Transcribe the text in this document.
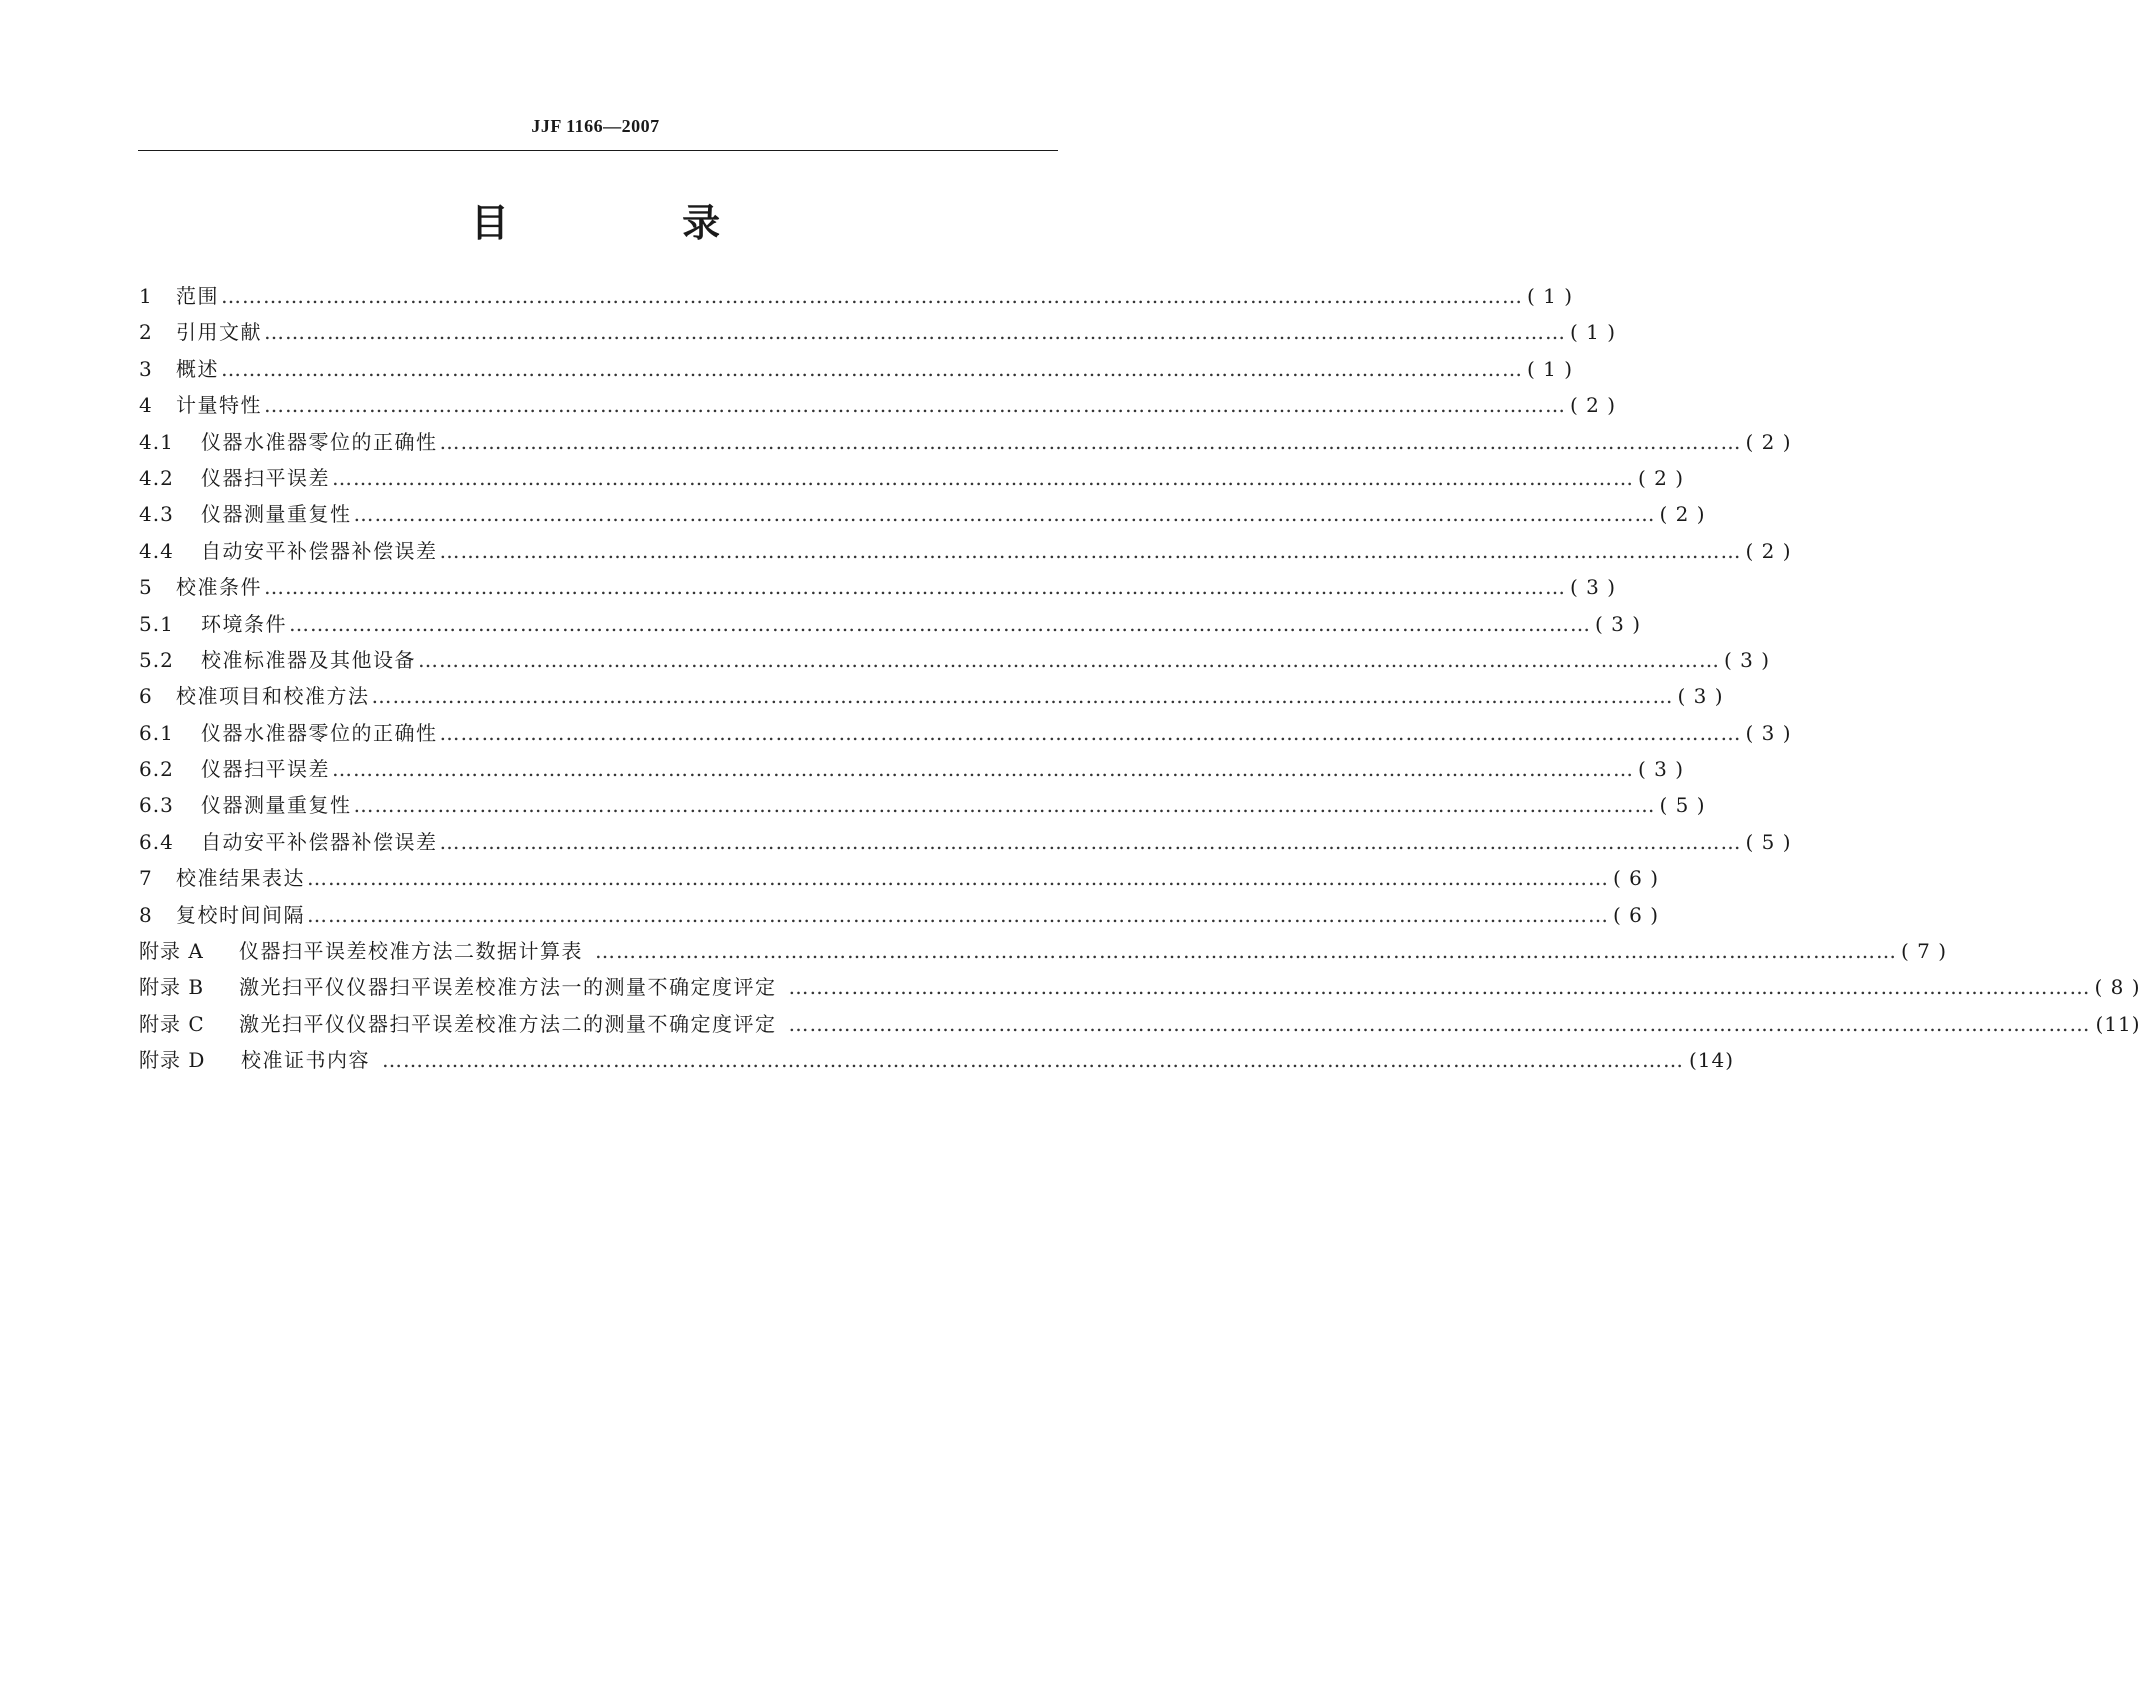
JJF 1166—2007
目 录
1	范围 …………………………………………………………………………………………………………………………………………………………………… ( 1 )
2	引用文献 …………………………………………………………………………………………………………………………………………………………………… ( 1 )
3	概述 …………………………………………………………………………………………………………………………………………………………………… ( 1 )
4	计量特性 …………………………………………………………………………………………………………………………………………………………………… ( 2 )
4.1	仪器水准器零位的正确性 …………………………………………………………………………………………………………………………………………………………………… ( 2 )
4.2	仪器扫平误差 …………………………………………………………………………………………………………………………………………………………………… ( 2 )
4.3	仪器测量重复性 …………………………………………………………………………………………………………………………………………………………………… ( 2 )
4.4	自动安平补偿器补偿误差 …………………………………………………………………………………………………………………………………………………………………… ( 2 )
5	校准条件 …………………………………………………………………………………………………………………………………………………………………… ( 3 )
5.1	环境条件 …………………………………………………………………………………………………………………………………………………………………… ( 3 )
5.2	校准标准器及其他设备 …………………………………………………………………………………………………………………………………………………………………… ( 3 )
6	校准项目和校准方法 …………………………………………………………………………………………………………………………………………………………………… ( 3 )
6.1	仪器水准器零位的正确性 …………………………………………………………………………………………………………………………………………………………………… ( 3 )
6.2	仪器扫平误差 …………………………………………………………………………………………………………………………………………………………………… ( 3 )
6.3	仪器测量重复性 …………………………………………………………………………………………………………………………………………………………………… ( 5 )
6.4	自动安平补偿器补偿误差 …………………………………………………………………………………………………………………………………………………………………… ( 5 )
7	校准结果表达 …………………………………………………………………………………………………………………………………………………………………… ( 6 )
8	复校时间间隔 …………………………………………………………………………………………………………………………………………………………………… ( 6 )
附录 A	仪器扫平误差校准方法二数据计算表 …………………………………………………………………………………………………………………………………………………………………… ( 7 )
附录 B	激光扫平仪仪器扫平误差校准方法一的测量不确定度评定 …………………………………………………………………………………………………………………………………………………………………… ( 8 )
附录 C	激光扫平仪仪器扫平误差校准方法二的测量不确定度评定 …………………………………………………………………………………………………………………………………………………………………… (11)
附录 D	校准证书内容 …………………………………………………………………………………………………………………………………………………………………… (14)
